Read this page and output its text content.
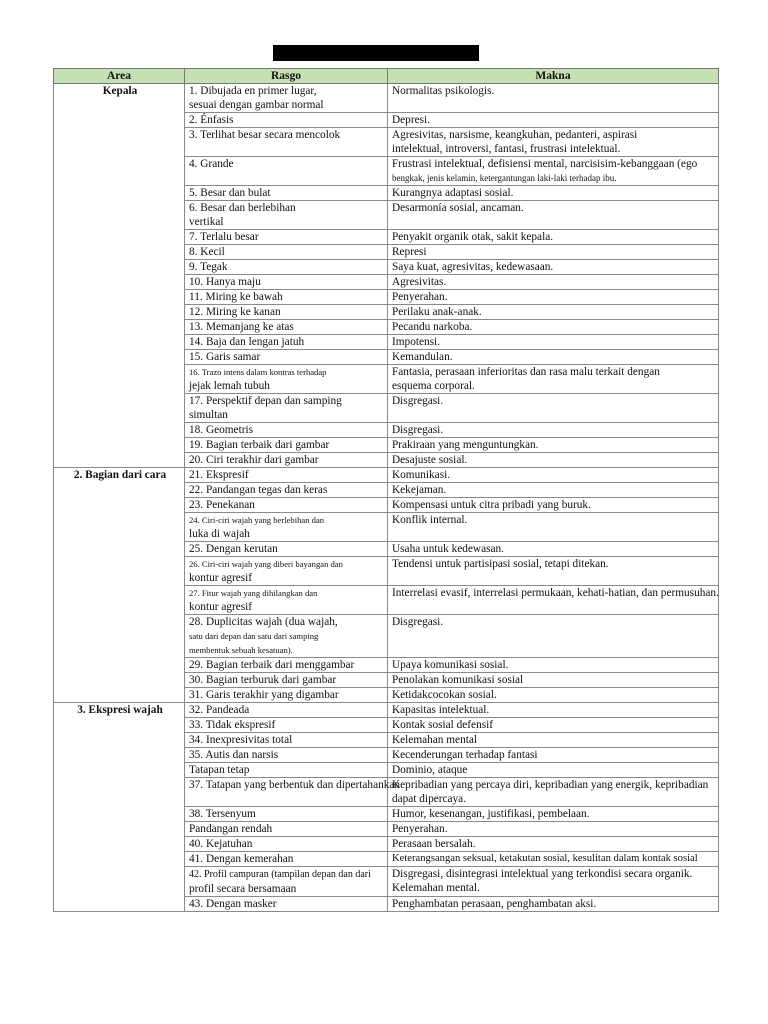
Area	Rasgo	Makna
Kepala	1. Dibujada en primer lugar,
sesuai dengan gambar normal	Normalitas psikologis.
	2. Énfasis	Depresi.
	3. Terlihat besar secara mencolok	Agresivitas, narsisme, keangkuhan, pedanteri, aspirasi
intelektual, introversi, fantasi, frustrasi intelektual.
	4. Grande	Frustrasi intelektual, defisiensi mental, narcisisim-kebanggaan (ego
bengkak, jenis kelamin, ketergantungan laki-laki terhadap ibu.
	5. Besar dan bulat	Kurangnya adaptasi sosial.
	6. Besar dan berlebihan
vertikal	Desarmonía sosial, ancaman.
	7. Terlalu besar	Penyakit organik otak, sakit kepala.
	8. Kecil	Represi
	9. Tegak	Saya kuat, agresivitas, kedewasaan.
	10. Hanya maju	Agresivitas.
	11. Miring ke bawah	Penyerahan.
	12. Miring ke kanan	Perilaku anak-anak.
	13. Memanjang ke atas	Pecandu narkoba.
	14. Baja dan lengan jatuh	Impotensi.
	15. Garis samar	Kemandulan.
	16. Trazo intens dalam kontras terhadap
jejak lemah tubuh	Fantasia, perasaan inferioritas dan rasa malu terkait dengan
esquema corporal.
	17. Perspektif depan dan samping
simultan	Disgregasi.
	18. Geometris	Disgregasi.
	19. Bagian terbaik dari gambar	Prakiraan yang menguntungkan.
	20. Ciri terakhir dari gambar	Desajuste sosial.
2. Bagian dari cara	21. Ekspresif	Komunikasi.
	22. Pandangan tegas dan keras	Kekejaman.
	23. Penekanan	Kompensasi untuk citra pribadi yang buruk.
	24. Ciri-ciri wajah yang berlebihan dan
luka di wajah	Konflik internal.
	25. Dengan kerutan	Usaha untuk kedewasan.
	26. Ciri-ciri wajah yang diberi bayangan dan
kontur agresif	Tendensi untuk partisipasi sosial, tetapi ditekan.
	27. Fitur wajah yang dihilangkan dan
kontur agresif	Interrelasi evasif, interrelasi permukaan, kehati-hatian, dan permusuhan.
	28. Duplicitas wajah (dua wajah,
satu dari depan dan satu dari samping
membentuk sebuah kesatuan).	Disgregasi.
	29. Bagian terbaik dari menggambar	Upaya komunikasi sosial.
	30. Bagian terburuk dari gambar	Penolakan komunikasi sosial
	31. Garis terakhir yang digambar	Ketidakcocokan sosial.
3. Ekspresi wajah	32. Pandeada	Kapasitas intelektual.
	33. Tidak ekspresif	Kontak sosial defensif
	34. Inexpresivitas total	Kelemahan mental
	35. Autis dan narsis	Kecenderungan terhadap fantasi
	Tatapan tetap	Dominio, ataque
	37. Tatapan yang berbentuk dan dipertahankan	Kepribadian yang percaya diri, kepribadian yang energik, kepribadian
dapat dipercaya.
	38. Tersenyum	Humor, kesenangan, justifikasi, pembelaan.
	Pandangan rendah	Penyerahan.
	40. Kejatuhan	Perasaan bersalah.
	41. Dengan kemerahan	Keterangsangan seksual, ketakutan sosial, kesulitan dalam kontak sosial
	42. Profil campuran (tampilan depan dan dari
profil secara bersamaan	Disgregasi, disintegrasi intelektual yang terkondisi secara organik.
Kelemahan mental.
	43. Dengan masker	Penghambatan perasaan, penghambatan aksi.
